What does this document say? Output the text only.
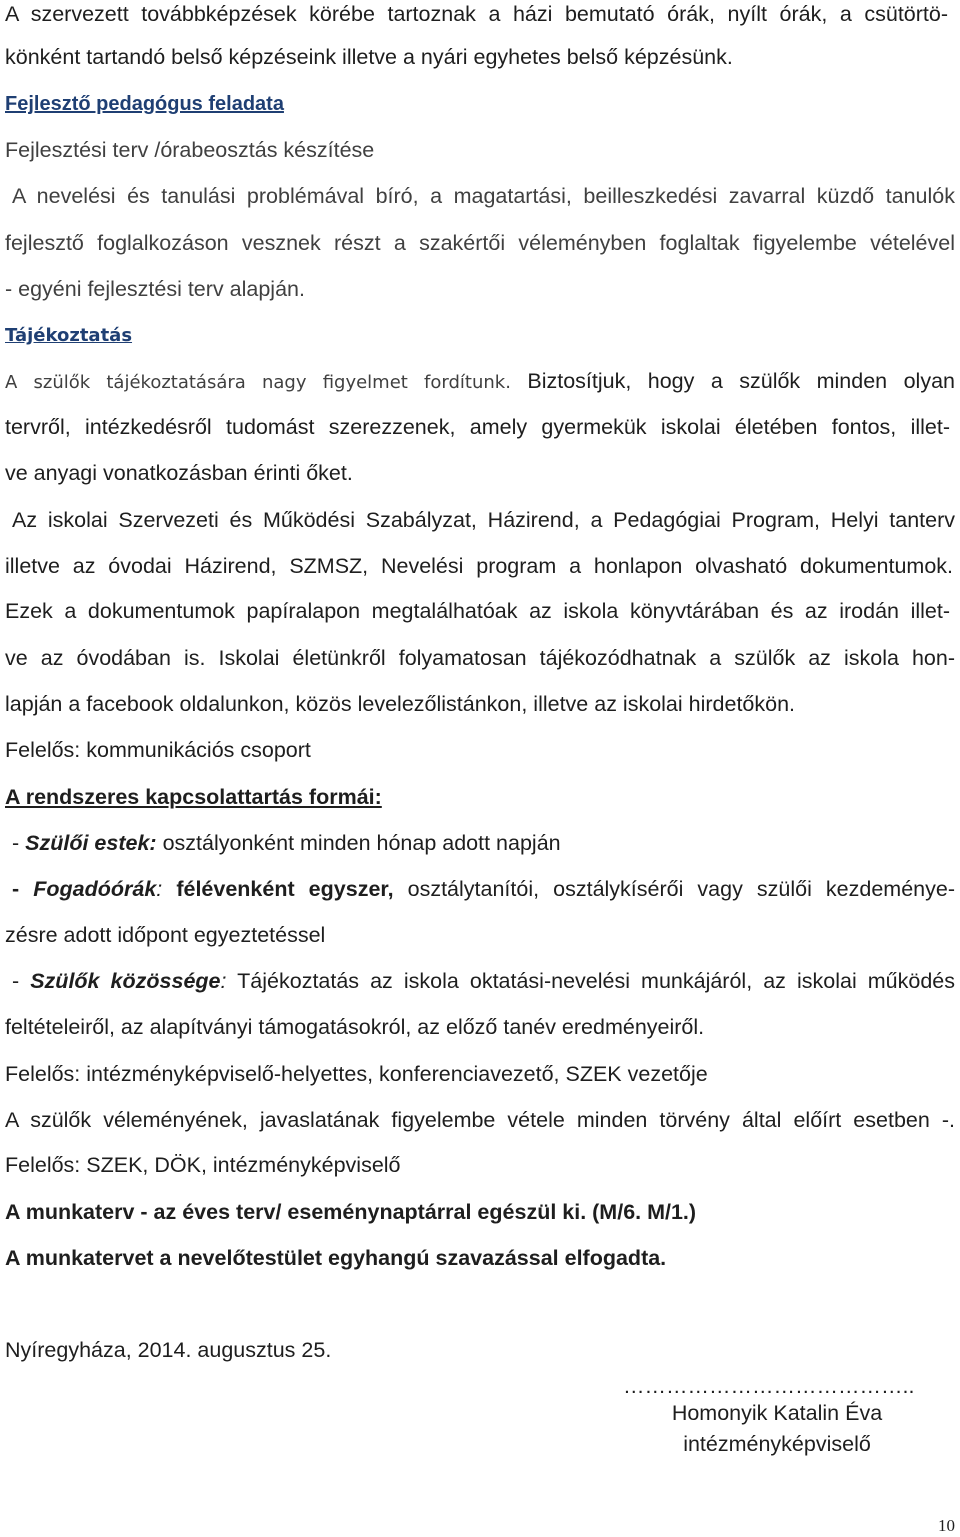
A szervezett továbbképzések körébe tartoznak a házi bemutató órák, nyílt órák, a csütörtö-
könként tartandó belső képzéseink illetve a nyári egyhetes belső képzésünk.
Fejlesztő pedagógus feladata
Fejlesztési terv /órabeosztás készítése
A nevelési és tanulási problémával bíró, a magatartási, beilleszkedési zavarral küzdő tanulók
fejlesztő foglalkozáson vesznek részt a szakértői véleményben foglaltak figyelembe vételével
- egyéni fejlesztési terv alapján.
Tájékoztatás
A szülők tájékoztatására nagy figyelmet fordítunk. Biztosítjuk, hogy a szülők minden olyan
tervről, intézkedésről tudomást szerezzenek, amely gyermekük iskolai életében fontos, illet-
ve anyagi vonatkozásban érinti őket.
Az iskolai Szervezeti és Működési Szabályzat, Házirend, a Pedagógiai Program, Helyi tanterv
illetve az óvodai Házirend, SZMSZ, Nevelési program a honlapon olvasható dokumentumok.
Ezek a dokumentumok papíralapon megtalálhatóak az iskola könyvtárában és az irodán illet-
ve az óvodában is. Iskolai életünkről folyamatosan tájékozódhatnak a szülők az iskola hon-
lapján a facebook oldalunkon, közös levelezőlistánkon, illetve az iskolai hirdetőkön.
Felelős: kommunikációs csoport
A rendszeres kapcsolattartás formái:
- Szülői estek: osztályonként minden hónap adott napján
- Fogadóórák: félévenként egyszer, osztálytanítói, osztálykísérői vagy szülői kezdeménye-
zésre adott időpont egyeztetéssel
- Szülők közössége: Tájékoztatás az iskola oktatási-nevelési munkájáról, az iskolai működés
feltételeiről, az alapítványi támogatásokról, az előző tanév eredményeiről.
Felelős: intézményképviselő-helyettes, konferenciavezető, SZEK vezetője
A szülők véleményének, javaslatának figyelembe vétele minden törvény által előírt esetben -.
Felelős: SZEK, DÖK, intézményképviselő
A munkaterv - az éves terv/ eseménynaptárral egészül ki. (M/6. M/1.)
A munkatervet a nevelőtestület egyhangú szavazással elfogadta.
Nyíregyháza, 2014. augusztus 25.
…………………………………..
Homonyik Katalin Éva
intézményképviselő
10
